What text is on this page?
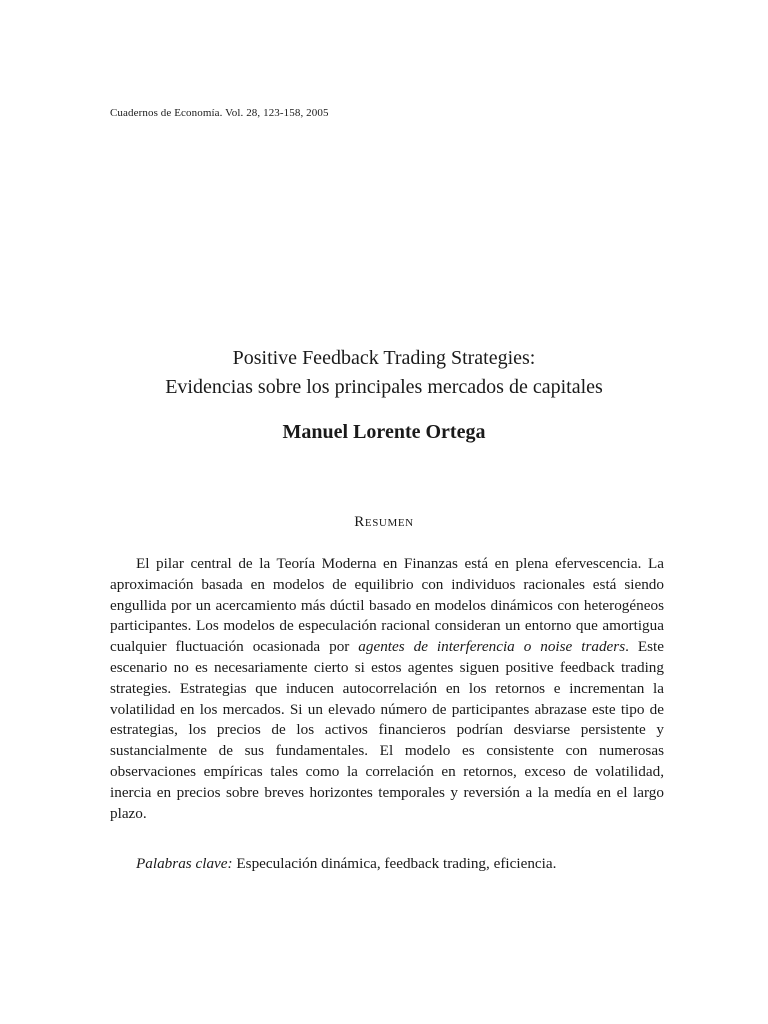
Cuadernos de Economía. Vol. 28, 123-158, 2005
Positive Feedback Trading Strategies:
Evidencias sobre los principales mercados de capitales
Manuel Lorente Ortega
Resumen

El pilar central de la Teoría Moderna en Finanzas está en plena efervescencia. La aproximación basada en modelos de equilibrio con individuos racionales está siendo engullida por un acercamiento más dúctil basado en modelos dinámicos con heterogéneos participantes. Los modelos de especulación racional consideran un entorno que amortigua cualquier fluctuación ocasionada por agentes de interferencia o noise traders. Este escenario no es necesariamente cierto si estos agentes siguen positive feedback trading strategies. Estrategias que inducen autocorrelación en los retornos e incrementan la volatilidad en los mercados. Si un elevado número de participantes abrazase este tipo de estrategias, los precios de los activos financieros podrían desviarse persistente y sustancialmente de sus fundamentales. El modelo es consistente con numerosas observaciones empíricas tales como la correlación en retornos, exceso de volatilidad, inercia en precios sobre breves horizontes temporales y reversión a la medía en el largo plazo.

Palabras clave: Especulación dinámica, feedback trading, eficiencia.
